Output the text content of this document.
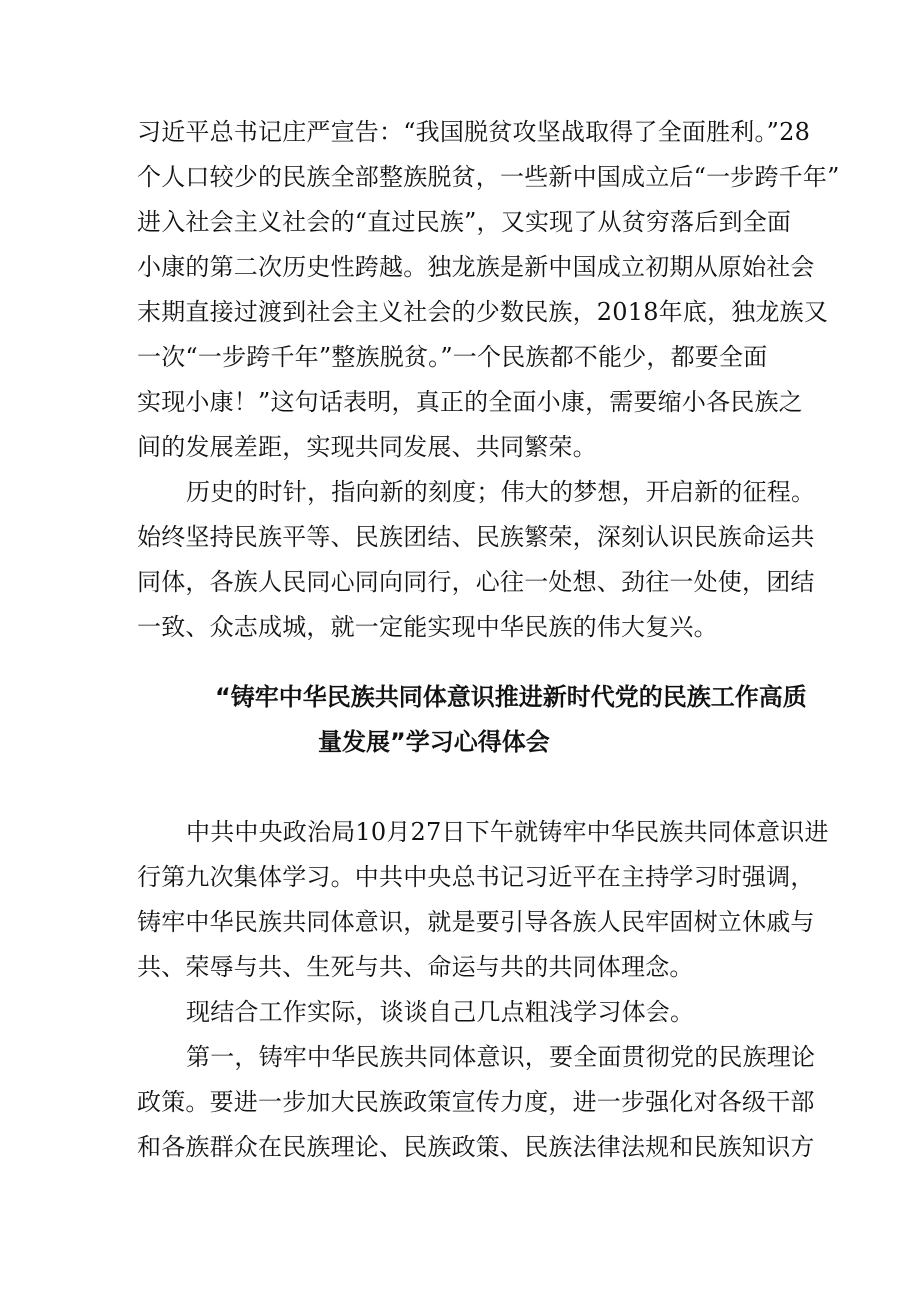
习近平总书记庄严宣告：“我国脱贫攻坚战取得了全面胜利。”28
个人口较少的民族全部整族脱贫，一些新中国成立后“一步跨千年”
进入社会主义社会的“直过民族”，又实现了从贫穷落后到全面
小康的第二次历史性跨越。独龙族是新中国成立初期从原始社会
末期直接过渡到社会主义社会的少数民族，2018年底，独龙族又
一次“一步跨千年”整族脱贫。”一个民族都不能少，都要全面
实现小康！”这句话表明，真正的全面小康，需要缩小各民族之
间的发展差距，实现共同发展、共同繁荣。
历史的时针，指向新的刻度；伟大的梦想，开启新的征程。
始终坚持民族平等、民族团结、民族繁荣，深刻认识民族命运共
同体，各族人民同心同向同行，心往一处想、劲往一处使，团结
一致、众志成城，就一定能实现中华民族的伟大复兴。
“铸牢中华民族共同体意识推进新时代党的民族工作高质
量发展”学习心得体会
中共中央政治局10月27日下午就铸牢中华民族共同体意识进
行第九次集体学习。中共中央总书记习近平在主持学习时强调，
铸牢中华民族共同体意识，就是要引导各族人民牢固树立休戚与
共、荣辱与共、生死与共、命运与共的共同体理念。
现结合工作实际，谈谈自己几点粗浅学习体会。
第一，铸牢中华民族共同体意识，要全面贯彻党的民族理论
政策。要进一步加大民族政策宣传力度，进一步强化对各级干部
和各族群众在民族理论、民族政策、民族法律法规和民族知识方
